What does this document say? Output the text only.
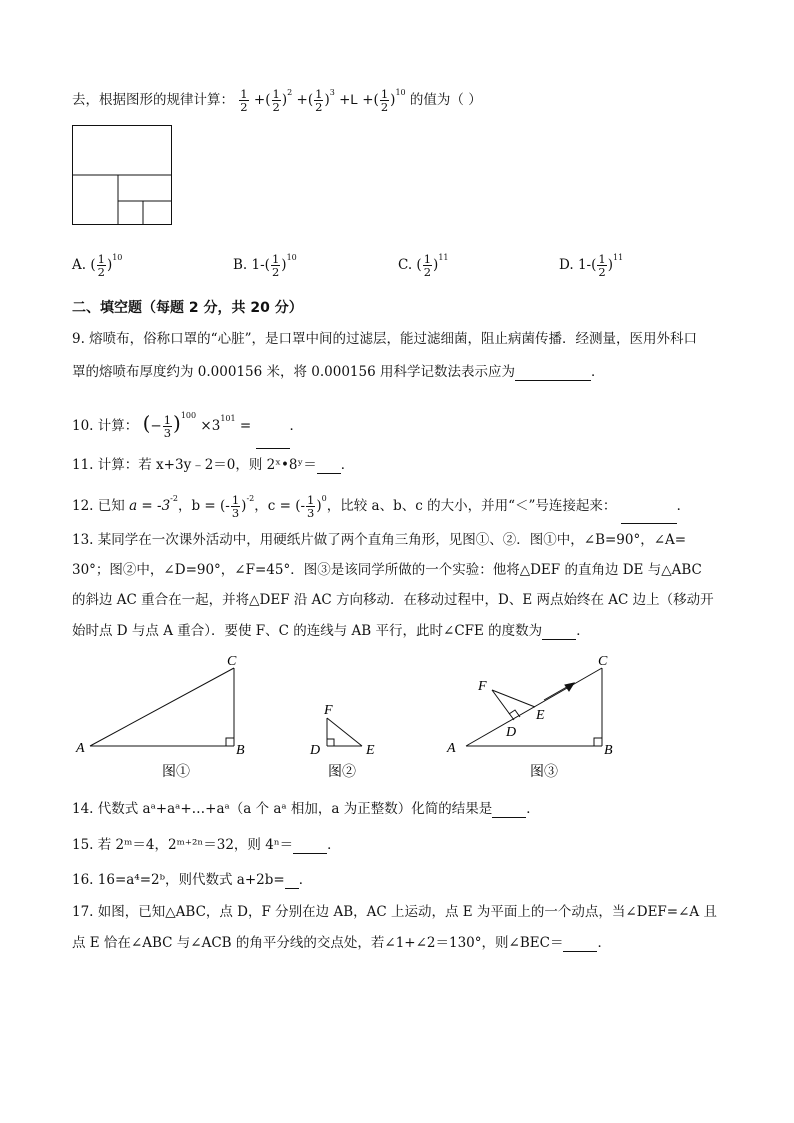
去，根据图形的规律计算： $\frac{1}{2}$ +( $\frac{1}{2} )^2$ +( $\frac{1}{2} )^3 +L$ +( $\frac{1}{2} )^{10}$ 的值为（ ）
A. ( $\frac{1}{2} )^{10}$	B. $1-( \frac{1}{2} )^{10}$	C. ( $\frac{1}{2} )^{11}$	D. $1-( \frac{1}{2} )^{11}$
二、填空题（每题 2 分，共 20 分）
9. 熔喷布，俗称口罩的“心脏”，是口罩中间的过滤层，能过滤细菌，阻止病菌传播．经测量，医用外科口
罩的熔喷布厚度约为 0.000156 米，将 0.000156 用科学记数法表示应为	．
10. 计算： (− $\frac{1}{3} )^{100} \times 3^{101}$ =	．
11. 计算：若 x+3y﹣2＝0，则 2ˣ•8ʸ＝ ．
12. 已知 $a = -3^{-2}$，b = (- $\frac{1}{3} )^{-2}$，c = (- $\frac{1}{3} )^0$，比较 a、b、c 的大小，并用“＜”号连接起来：	．
13. 某同学在一次课外活动中，用硬纸片做了两个直角三角形，见图①、②．图①中，∠B=90°，∠A=
30°；图②中，∠D=90°，∠F=45°．图③是该同学所做的一个实验：他将△DEF 的直角边 DE 与△ABC
的斜边 AC 重合在一起，并将△DEF 沿 AC 方向移动．在移动过程中，D、E 两点始终在 AC 边上（移动开
始时点 D 与点 A 重合）．要使 F、C 的连线与 AB 平行，此时∠CFE 的度数为	．
A	B
C
图①
F
D	E
图②
A	B
C
D
E
F
图③
14. 代数式 aᵃ+aᵃ+…+aᵃ（a 个 aᵃ 相加，a 为正整数）化简的结果是	．
15. 若 2ᵐ＝4，2ᵐ⁺²ⁿ＝32，则 4ⁿ＝	．
16. 16=a⁴=2ᵇ，则代数式 a+2b= ．
17. 如图，已知△ABC，点 D，F 分别在边 AB，AC 上运动，点 E 为平面上的一个动点，当∠DEF=∠A 且
点 E 恰在∠ABC 与∠ACB 的角平分线的交点处，若∠1+∠2＝130°，则∠BEC＝	．
